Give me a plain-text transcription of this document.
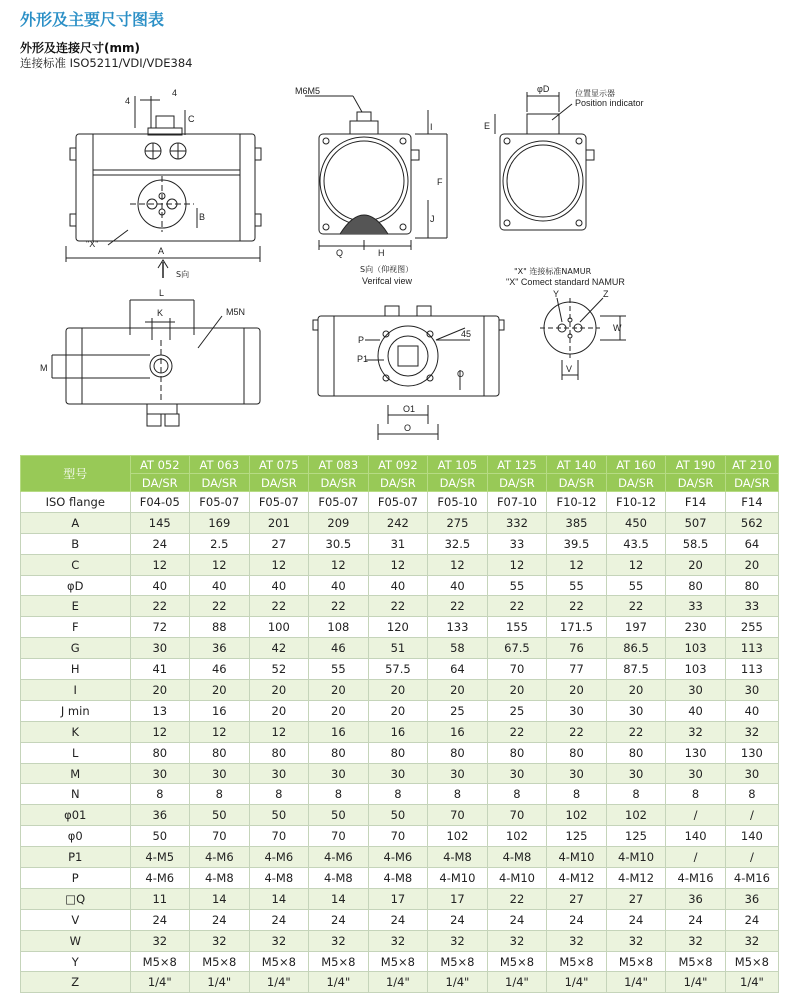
外形及主要尺寸图表
外形及连接尺寸(mm)
连接标准 ISO5211/VDI/VDE384
4
4
C
B
A
"X"
S向
M6M5
I
F
J
Q	H
φD
E
位置显示器
Position indicator
L
K	M5N
M
S向（仰视图）
Verifcal view
P
P1
45
O
O1
O
"X" 连接标准NAMUR
"X" Comect standard NAMUR
Y	Z
W
V
型号	AT 052	AT 063	AT 075	AT 083	AT 092	AT 105	AT 125	AT 140	AT 160	AT 190	AT 210
	DA/SR	DA/SR	DA/SR	DA/SR	DA/SR	DA/SR	DA/SR	DA/SR	DA/SR	DA/SR	DA/SR
ISO flange	F04-05	F05-07	F05-07	F05-07	F05-07	F05-10	F07-10	F10-12	F10-12	F14	F14
A	145	169	201	209	242	275	332	385	450	507	562
B	24	2.5	27	30.5	31	32.5	33	39.5	43.5	58.5	64
C	12	12	12	12	12	12	12	12	12	20	20
φD	40	40	40	40	40	40	55	55	55	80	80
E	22	22	22	22	22	22	22	22	22	33	33
F	72	88	100	108	120	133	155	171.5	197	230	255
G	30	36	42	46	51	58	67.5	76	86.5	103	113
H	41	46	52	55	57.5	64	70	77	87.5	103	113
I	20	20	20	20	20	20	20	20	20	30	30
J min	13	16	20	20	20	25	25	30	30	40	40
K	12	12	12	16	16	16	22	22	22	32	32
L	80	80	80	80	80	80	80	80	80	130	130
M	30	30	30	30	30	30	30	30	30	30	30
N	8	8	8	8	8	8	8	8	8	8	8
φ01	36	50	50	50	50	70	70	102	102	/	/
φ0	50	70	70	70	70	102	102	125	125	140	140
P1	4-M5	4-M6	4-M6	4-M6	4-M6	4-M8	4-M8	4-M10	4-M10	/	/
P	4-M6	4-M8	4-M8	4-M8	4-M8	4-M10	4-M10	4-M12	4-M12	4-M16	4-M16
□Q	11	14	14	14	17	17	22	27	27	36	36
V	24	24	24	24	24	24	24	24	24	24	24
W	32	32	32	32	32	32	32	32	32	32	32
Y	M5×8	M5×8	M5×8	M5×8	M5×8	M5×8	M5×8	M5×8	M5×8	M5×8	M5×8
Z	1/4"	1/4"	1/4"	1/4"	1/4"	1/4"	1/4"	1/4"	1/4"	1/4"	1/4"
